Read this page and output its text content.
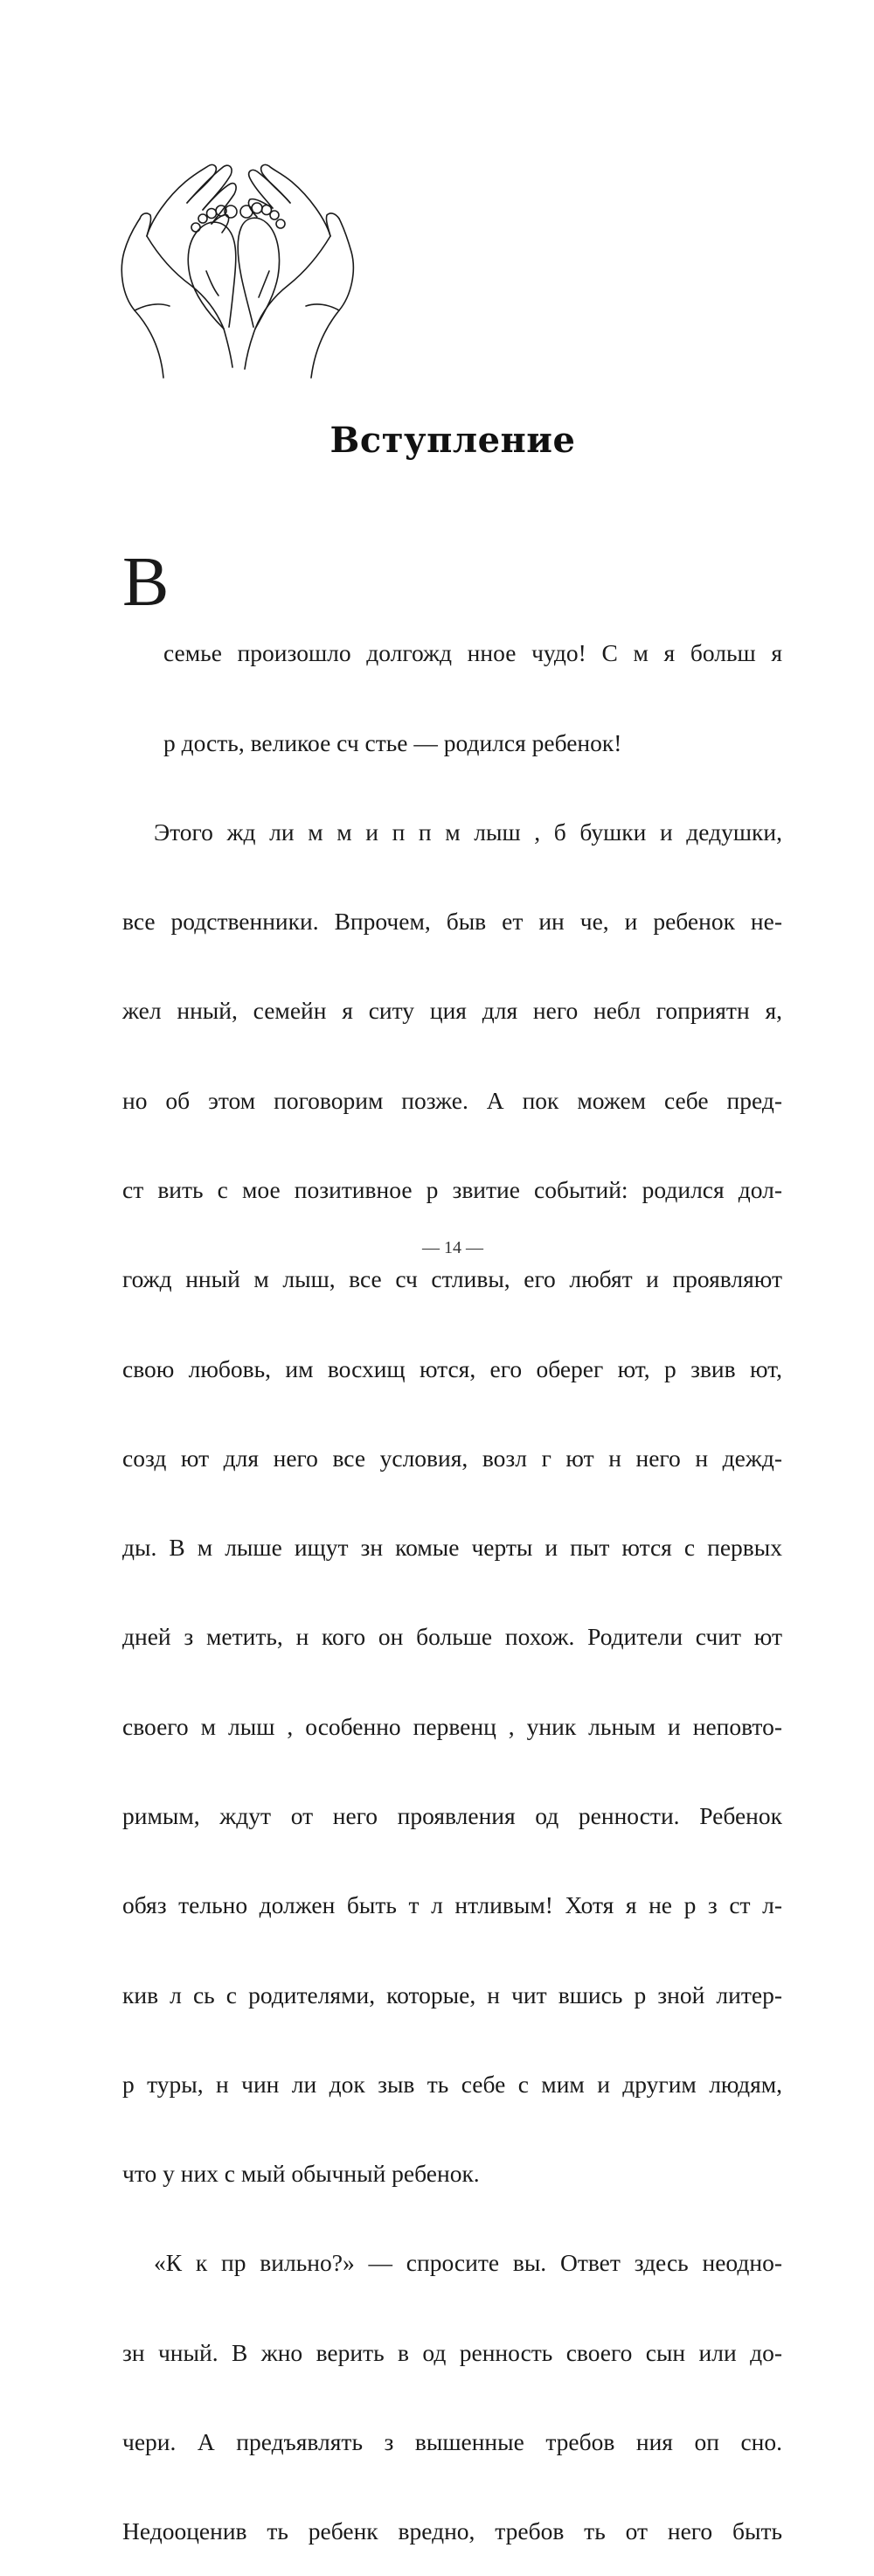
Вступление

В

семье произошло долгожд нное чудо! С м я больш я

р дость, великое сч стье — родился ребенок!

Этого жд ли м м и п п м лыш , б бушки и дедушки,

все родственники. Впрочем, быв ет ин че, и ребенок не-

жел нный, семейн я ситу ция для него небл гоприятн я,

но об этом поговорим позже. А пок можем себе пред-

ст вить с мое позитивное р звитие событий: родился дол-

гожд нный м лыш, все сч стливы, его любят и проявляют

свою любовь, им восхищ ются, его оберег ют, р звив ют,

созд ют для него все условия, возл г ют н него н дежд-

ды. В м лыше ищут зн комые черты и пыт ются с первых

дней з метить, н кого он больше похож. Родители счит ют

своего м лыш , особенно первенц , уник льным и неповто-

римым, ждут от него проявления од ренности. Ребенок

обяз тельно должен быть т л нтливым! Хотя я не р з ст л-

кив л сь с родителями, которые, н чит вшись р зной литер-

р туры, н чин ли док зыв ть себе с мим и другим людям,

что у них с мый обычный ребенок.

«К к пр вильно?» — спросите вы. Ответ здесь неодно-

зн чный. В жно верить в од ренность своего сын или до-

чери. А предъявлять з вышенные требов ния оп сно.

Недооценив ть ребенк вредно, требов ть от него быть

— 14 —
